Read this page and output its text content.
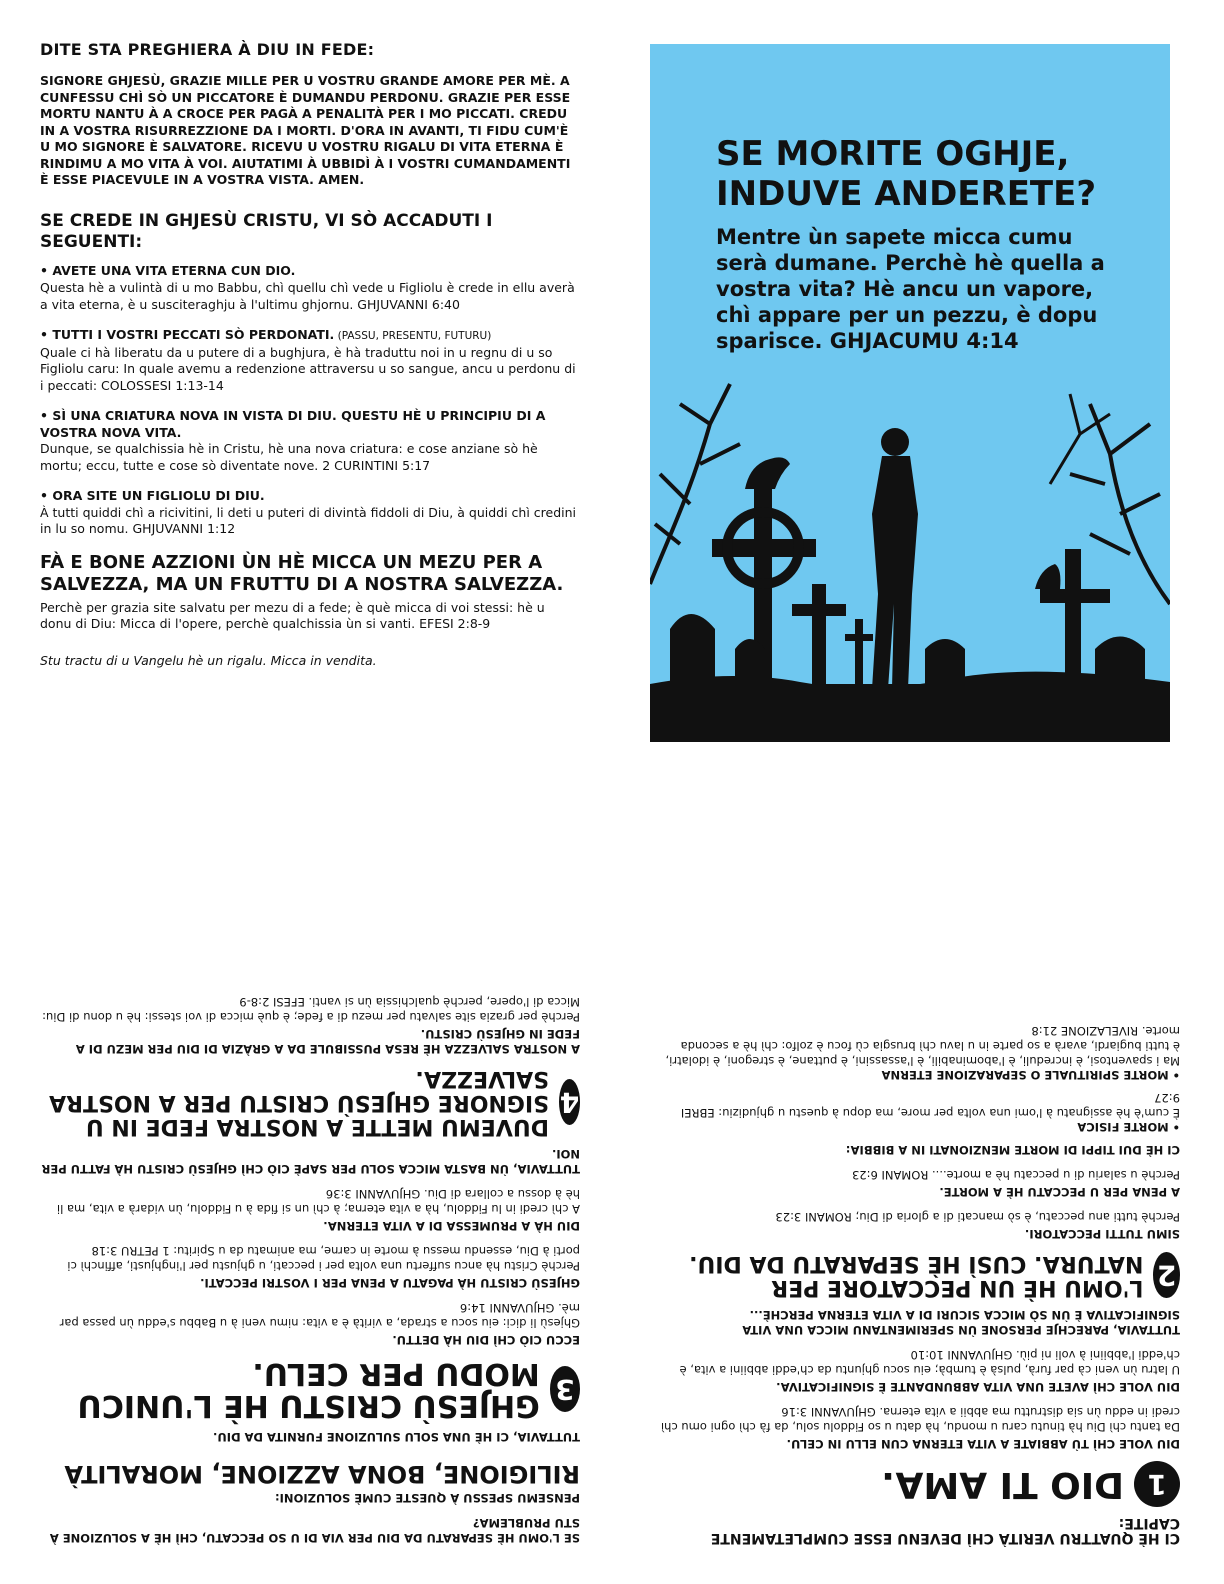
DITE STA PREGHIERA À DIU IN FEDE:

SIGNORE GHJESÙ, GRAZIE MILLE PER U VOSTRU GRANDE AMORE PER MÈ. A CUNFESSU CHÌ SÒ UN PICCATORE È DUMANDU PERDONU. GRAZIE PER ESSE MORTU NANTU À A CROCE PER PAGÀ A PENALITÀ PER I MO PICCATI. CREDU IN A VOSTRA RISURREZZIONE DA I MORTI. D'ORA IN AVANTI, TI FIDU CUM'È U MO SIGNORE È SALVATORE. RICEVU U VOSTRU RIGALU DI VITA ETERNA È RINDIMU A MO VITA À VOI. AIUTATIMI À UBBIDÌ À I VOSTRI CUMANDAMENTI È ESSE PIACEVULE IN A VOSTRA VISTA. AMEN.

SE CREDE IN GHJESÙ CRISTU, VI SÒ ACCADUTI I SEGUENTI:
• AVETE UNA VITA ETERNA CUN DIO.
Questa hè a vulintà di u mo Babbu, chì quellu chì vede u Figliolu è crede in ellu averà a vita eterna, è u susciteraghju à l'ultimu ghjornu. GHJUVANNI 6:40
• TUTTI I VOSTRI PECCATI SÒ PERDONATI. (PASSU, PRESENTU, FUTURU)
Quale ci hà liberatu da u putere di a bughjura, è hà traduttu noi in u regnu di u so Figliolu caru: In quale avemu a redenzione attraversu u so sangue, ancu u perdonu di i peccati: COLOSSESI 1:13-14
• SÌ UNA CRIATURA NOVA IN VISTA DI DIU. QUESTU HÈ U PRINCIPIU DI A VOSTRA NOVA VITA.
Dunque, se qualchissia hè in Cristu, hè una nova criatura: e cose anziane sò hè mortu; eccu, tutte e cose sò diventate nove. 2 CURINTINI 5:17
• ORA SITE UN FIGLIOLU DI DIU.
À tutti quiddi chì a ricivitini, li deti u puteri di divintà fiddoli di Diu, à quiddi chì credini in lu so nomu. GHJUVANNI 1:12
FÀ E BONE AZZIONI ÙN HÈ MICCA UN MEZU PER A SALVEZZA, MA UN FRUTTU DI A NOSTRA SALVEZZA.
Perchè per grazia site salvatu per mezu di a fede; è què micca di voi stessi: hè u donu di Diu: Micca di l'opere, perchè qualchissia ùn si vanti. EFESI 2:8-9
Stu tractu di u Vangelu hè un rigalu. Micca in vendita.
SE MORITE OGHJE, INDUVE ANDERETE?
Mentre ùn sapete micca cumu serà dumane. Perchè hè quella a vostra vita? Hè ancu un vapore, chì appare per un pezzu, è dopu sparisce. GHJACUMU 4:14
SE L'OMU HÈ SEPARATU DA DIU PER VIA DI U SO PECCATU, CHÌ HÈ A SOLUZIONE À STU PRUBLEMA?
PENSEMU SPESSU À QUESTE CUMÈ SOLUZIONI:
RILIGIONE, BONA AZZIONE, MORALITÀ
TUTTAVIA, CI HÈ UNA SOLU SULUZIONE FURNITA DA DIU.
3
GHJESÙ CRISTU HÈ L'UNICU MODU PER CELU.
ECCU CIÒ CHÌ DIU HÀ DETTU.
Ghjesù li dici: eiu socu a strada, a virità è a vita: nimu veni à u Babbu s'eddu ùn passa par mè. GHJUVANNI 14:6
GHJESÙ CRISTU HÀ PAGATU A PENA PER I VOSTRI PECCATI.
Perchè Cristu hà ancu suffertu una volta per i peccati, u ghjustu per l'inghjusti, affinchì ci porti à Diu, essendu messu à morte in carne, ma animatu da u Spiritu: 1 PETRU 3:18
DIU HÀ A PRUMESSA DI A VITA ETERNA.
A chì credi in lu Fiddolu, hà a vita eterna; à chì un si fida à u Fiddolu, ùn vidarà a vita, ma li hè à dossu a collara di Diu. GHJUVANNI 3:36
TUTTAVIA, ÙN BASTA MICCA SOLU PER SAPÈ CIÒ CHÌ GHJESÙ CRISTU HÀ FATTU PER NOI.
4
DUVEMU METTE A NOSTRA FEDE IN U SIGNORE GHJESÙ CRISTU PER A NOSTRA SALVEZZA.
A NOSTRA SALVEZZA HÈ RESA PUSSIBULE DA A GRÀZIA DI DIU PER MEZU DI A FEDE IN GHJESÙ CRISTU.
Perchè per grazia site salvatu per mezu di a fede; è què micca di voi stessi: hè u donu di Diu: Micca di l'opere, perchè qualchissia ùn si vanti. EFESI 2:8-9
CI HÈ QUATTRU VERITÀ CHÌ DEVENU ESSE CUMPLETAMENTE CAPITE:
1
DIO TI AMA.
DIU VOLE CHÌ TÙ ABBIATE A VITA ETERNA CUN ELLU IN CELU.
Da tantu chì Diu hà tinutu caru u mondu, hà datu u so Fiddolu solu, da fà chì ogni omu chì credi in eddu ùn sia distruttu ma abbii a vita eterna. GHJUVANNI 3:16
DIU VOLE CHÌ AVETE UNA VITA ABBUNDANTE È SIGNIFICATIVA.
U latru ùn veni cà par furà, pulsà è tumbà; eiu socu ghjuntu da ch'eddi abbiini a vita, è ch'eddi l'abbiini à voli ni più. GHJUVANNI 10:10
TUTTAVIA, PARECHJE PERSONE ÙN SPERIMENTANU MICCA UNA VITA SIGNIFICATIVA È ÙN SÒ MICCA SICURI DI A VITA ETERNA PERCHÈ...
2
L'OMU HÈ UN PECCATORE PER NATURA. CUSÌ HÈ SEPARATU DA DIU.
SIMU TUTTI PECCATORI.
Perchè tutti anu peccatu, è sò mancati di a gloria di Diu; ROMANI 3:23
A PENA PER U PECCATU HÈ A MORTE.
Perchè u salariu di u peccatu hè a morte.... ROMANI 6:23
CI HÈ DUI TIPPI DI MORTE MENZIONATI IN A BIBBIA:
• MORTE FISICA
È cum'è hè assignatu à l'omi una volta per more, ma dopu à questu u ghjudiziu: EBREI 9:27
• MORTE SPIRITUALE O SEPARAZIONE ETERNA
Ma i spaventosi, è increduli, è l'abominabili, è l'assassini, è puttane, è stregoni, è idolatri, è tutti bugiardi, avarà a so parte in u lavu chì brusgia cù focu è zolfo: chì hè a seconda morte. RIVELAZIONE 21:8
